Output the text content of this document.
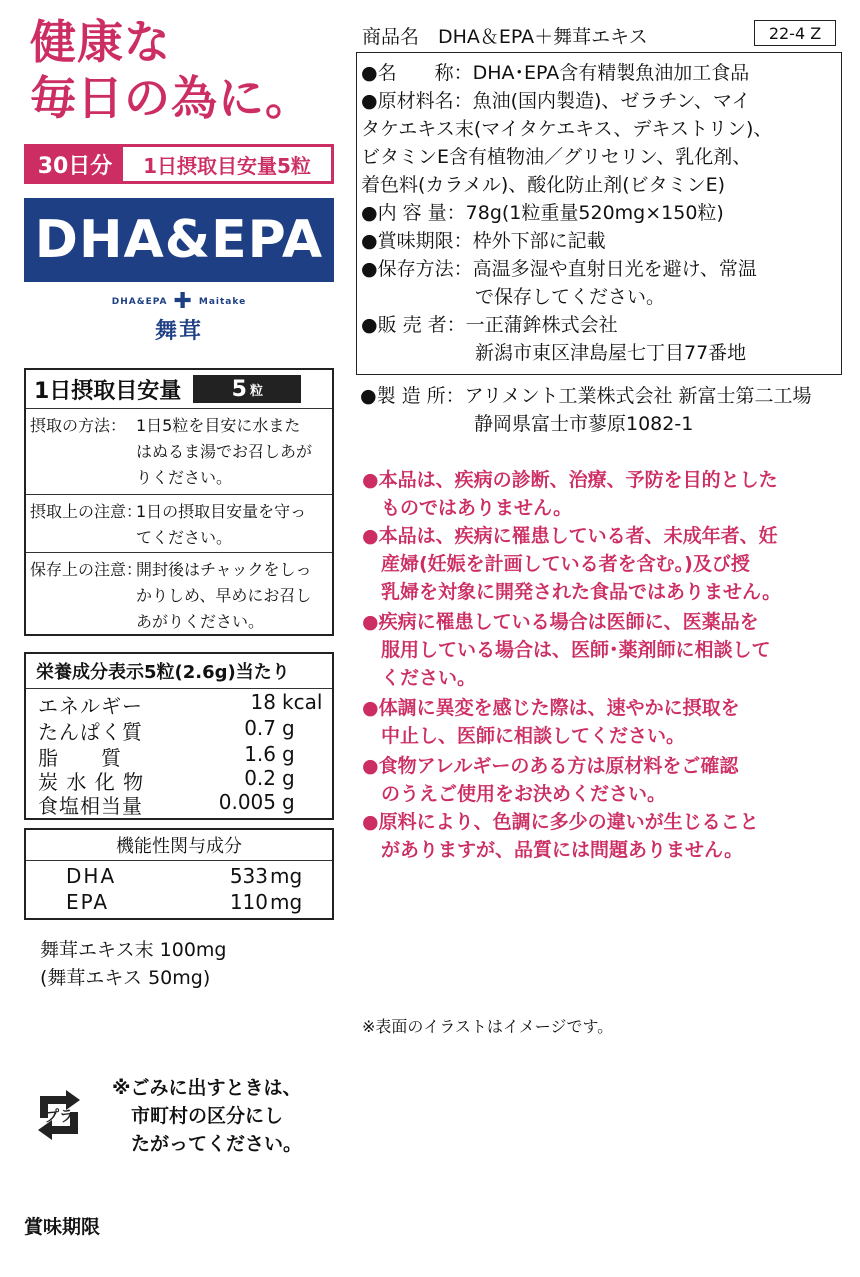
健康な
毎日の為に。
30日分	1日摂取目安量5粒
DHA&EPA
DHA&EPA ✚ Maitake
舞茸
1日摂取目安量 5 粒
摂取の方法： 1日5粒を目安に水また
はぬるま湯でお召しあが
りください。
摂取上の注意：
1日の摂取目安量を守っ
てください。
保存上の注意：
開封後はチャックをしっ
かりしめ、早めにお召し
あがりください。
栄養成分表示5粒(2.6g)当たり
エネルギー	18 kcal
たんぱく質	0.7 g
脂　　質	1.6 g
炭 水 化 物	0.2 g
食塩相当量	0.005 g
機能性関与成分
DHA	533 mg
EPA	110 mg
舞茸エキス末 100mg
(舞茸エキス 50mg)
プラ
※ごみに出すときは、
　市町村の区分にし
　たがってください。
賞味期限
商品名　DHA＆EPA＋舞茸エキス	22-4 Z
●名　　称：DHA･EPA含有精製魚油加工食品
●原材料名：魚油(国内製造)、ゼラチン、マイ
タケエキス末(マイタケエキス、デキストリン)、
ビタミンE含有植物油／グリセリン、乳化剤、
着色料(カラメル)、酸化防止剤(ビタミンE)
●内 容 量：78g(1粒重量520mg×150粒)
●賞味期限：枠外下部に記載
●保存方法：高温多湿や直射日光を避け、常温
　　　　　　で保存してください。
●販 売 者：一正蒲鉾株式会社
　　　　　　新潟市東区津島屋七丁目77番地
●製 造 所：アリメント工業株式会社 新富士第二工場
　　　　　　静岡県富士市蓼原1082-1
●本品は、疾病の診断、治療、予防を目的とした
　ものではありません。
●本品は、疾病に罹患している者、未成年者、妊
　産婦(妊娠を計画している者を含む。)及び授
　乳婦を対象に開発された食品ではありません。
●疾病に罹患している場合は医師に、医薬品を
　服用している場合は、医師･薬剤師に相談して
　ください。
●体調に異変を感じた際は、速やかに摂取を
　中止し、医師に相談してください。
●食物アレルギーのある方は原材料をご確認
　のうえご使用をお決めください。
●原料により、色調に多少の違いが生じること
　がありますが、品質には問題ありません。
※表面のイラストはイメージです。
